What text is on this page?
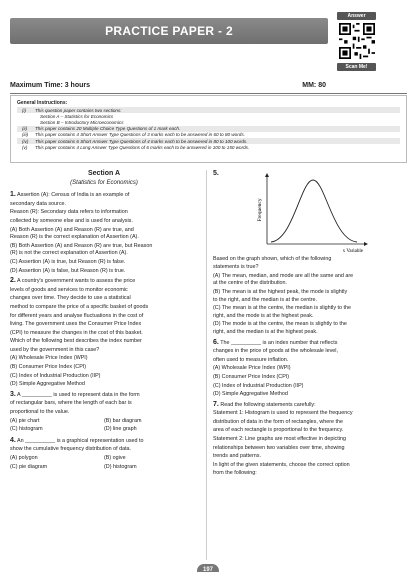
PRACTICE PAPER - 2
Answer
Scan Me!
Maximum Time: 3 hours	MM: 80
General Instructions:
(i)	This question paper contains two sections:
Section A – Statistics for Economics
Section B – Introductory Microeconomics
(ii)	This paper contains 20 Multiple Choice Type Questions of 1 mark each.
(iii)	This paper contains 4 Short Answer Type Questions of 3 marks each to be answered in 60 to 80 words.
(iv)	This paper contains 6 Short Answer Type Questions of 4 marks each to be answered in 80 to 100 words.
(v)	This paper contains 4 Long Answer Type Questions of 6 marks each to be answered in 100 to 150 words.
Section A
(Statistics for Economics)

1. Assertion (A): Census of India is an example of

secondary data source.

Reason (R): Secondary data refers to information

collected by someone else and is used for analysis.

(A) Both Assertion (A) and Reason (R) are true, and
Reason (R) is the correct explanation of Assertion (A).

(B) Both Assertion (A) and Reason (R) are true, but Reason
(R) is not the correct explanation of Assertion (A).

(C) Assertion (A) is true, but Reason (R) is false.

(D) Assertion (A) is false, but Reason (R) is true.

2. A country's government wants to assess the price

levels of goods and services to monitor economic

changes over time. They decide to use a statistical

method to compare the price of a specific basket of goods

for different years and analyse fluctuations in the cost of

living. The government uses the Consumer Price Index

(CPI) to measure the changes in the cost of this basket.

Which of the following best describes the index number

used by the government in this case?

(A) Wholesale Price Index (WPI)

(B) Consumer Price Index (CPI)

(C) Index of Industrial Production (IIP)

(D) Simple Aggregative Method

3. A __________ is used to represent data in the form

of rectangular bars, where the length of each bar is

proportional to the value.

(A) pie chart	(B) bar diagram

(C) histogram	(D) line graph

4. An __________ is a graphical representation used to

show the cumulative frequency distribution of data.

(A) polygon	(B) ogive

(C) pie diagram	(D) histogram

5.

Frequency
x Variable

Based on the graph shown, which of the following

statements is true?

(A) The mean, median, and mode are all the same and are
at the centre of the distribution.

(B) The mean is at the highest peak, the mode is slightly
to the right, and the median is at the centre.

(C) The mean is at the centre, the median is slightly to the
right, and the mode is at the highest peak.

(D) The mode is at the centre, the mean is slightly to the
right, and the median is at the highest peak.

6. The __________ is an index number that reflects

changes in the price of goods at the wholesale level,

often used to measure inflation.

(A) Wholesale Price Index (WPI)

(B) Consumer Price Index (CPI)

(C) Index of Industrial Production (IIP)

(D) Simple Aggregative Method

7. Read the following statements carefully:

Statement 1: Histogram is used to represent the frequency

distribution of data in the form of rectangles, where the

area of each rectangle is proportional to the frequency.

Statement 2: Line graphs are most effective in depicting

relationships between two variables over time, showing

trends and patterns.

In light of the given statements, choose the correct option

from the following:

197
